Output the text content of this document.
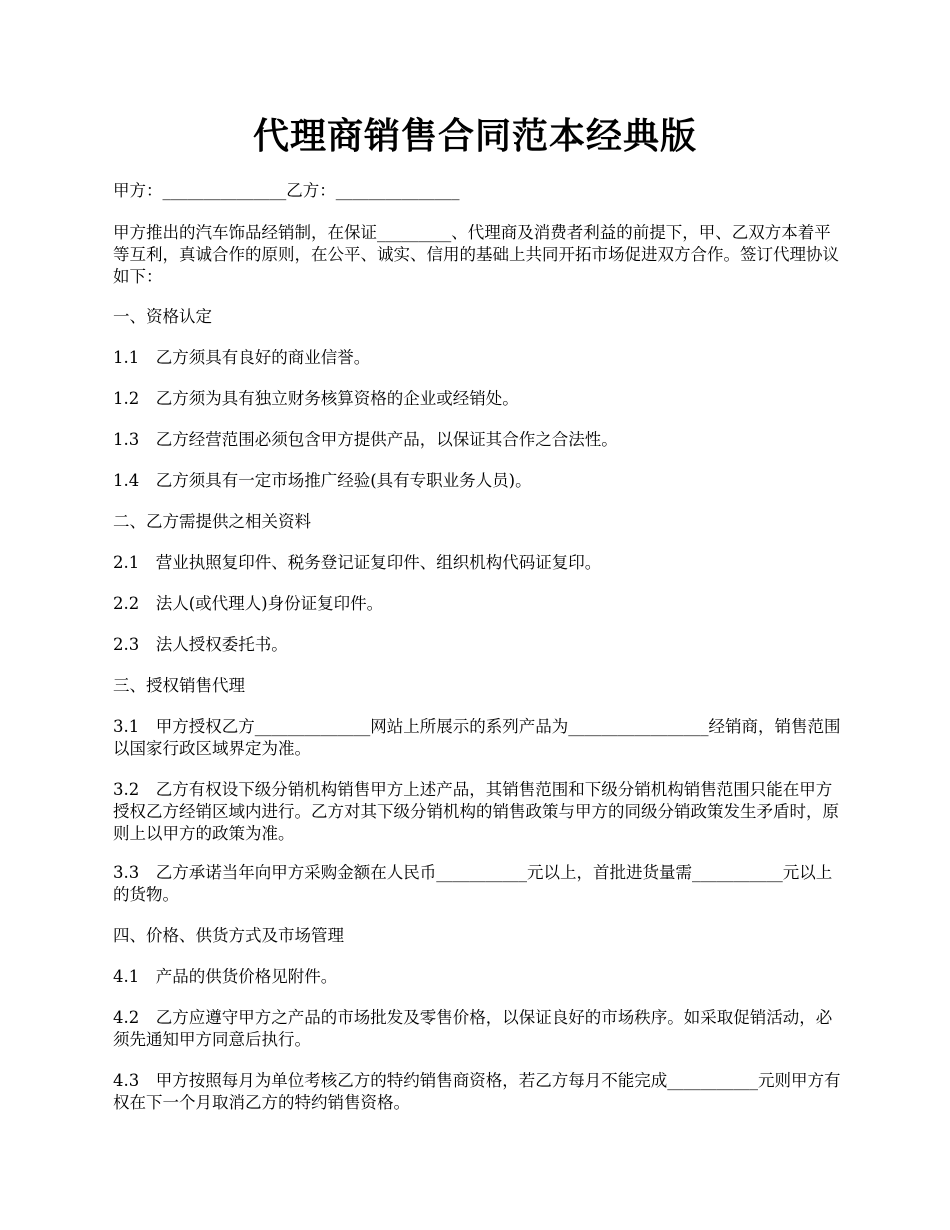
代理商销售合同范本经典版
甲方：_______________乙方：_______________
甲方推出的汽车饰品经销制，在保证_________、代理商及消费者利益的前提下，甲、乙双方本着平等互利，真诚合作的原则，在公平、诚实、信用的基础上共同开拓市场促进双方合作。签订代理协议如下：
一、资格认定
1.1　乙方须具有良好的商业信誉。
1.2　乙方须为具有独立财务核算资格的企业或经销处。
1.3　乙方经营范围必须包含甲方提供产品，以保证其合作之合法性。
1.4　乙方须具有一定市场推广经验(具有专职业务人员)。
二、乙方需提供之相关资料
2.1　营业执照复印件、税务登记证复印件、组织机构代码证复印。
2.2　法人(或代理人)身份证复印件。
2.3　法人授权委托书。
三、授权销售代理
3.1　甲方授权乙方______________网站上所展示的系列产品为_________________经销商，销售范围以国家行政区域界定为准。
3.2　乙方有权设下级分销机构销售甲方上述产品，其销售范围和下级分销机构销售范围只能在甲方授权乙方经销区域内进行。乙方对其下级分销机构的销售政策与甲方的同级分销政策发生矛盾时，原则上以甲方的政策为准。
3.3　乙方承诺当年向甲方采购金额在人民币___________元以上，首批进货量需___________元以上的货物。
四、价格、供货方式及市场管理
4.1　产品的供货价格见附件。
4.2　乙方应遵守甲方之产品的市场批发及零售价格，以保证良好的市场秩序。如采取促销活动，必须先通知甲方同意后执行。
4.3　甲方按照每月为单位考核乙方的特约销售商资格，若乙方每月不能完成___________元则甲方有权在下一个月取消乙方的特约销售资格。
